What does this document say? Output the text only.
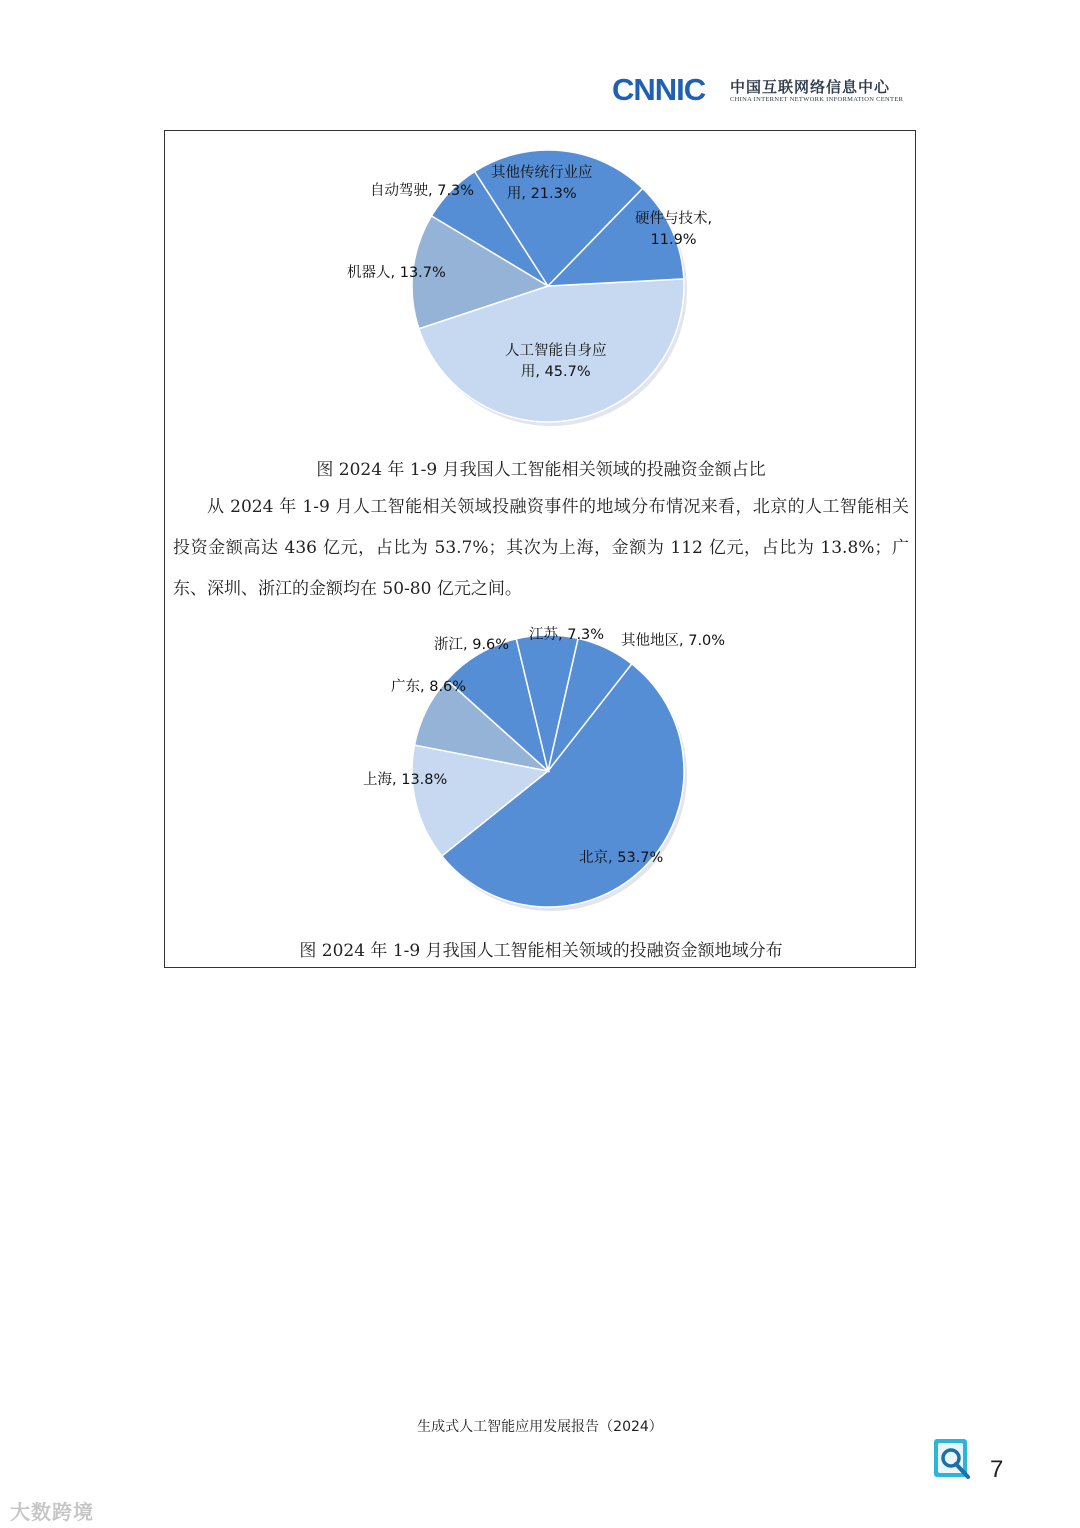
CNNIC 中国互联网络信息中心
CHINA INTERNET NETWORK INFORMATION CENTER
人工智能自身应
用, 45.7%
机器人, 13.7%
自动驾驶, 7.3%
其他传统行业应
用, 21.3%
硬件与技术,
11.9%
图 2024 年 1-9 月我国人工智能相关领域的投融资金额占比

从 2024 年 1-9 月人工智能相关领域投融资事件的地域分布情况来看，北京的人工智能相关投资金额高达 436 亿元，占比为 53.7%；其次为上海，金额为 112 亿元，占比为 13.8%；广东、深圳、浙江的金额均在 50-80 亿元之间。

北京, 53.7%
上海, 13.8%
广东, 8.6%
浙江, 9.6%
江苏, 7.3% 其他地区, 7.0%
图 2024 年 1-9 月我国人工智能相关领域的投融资金额地域分布
生成式人工智能应用发展报告（2024）
7
大数跨境
